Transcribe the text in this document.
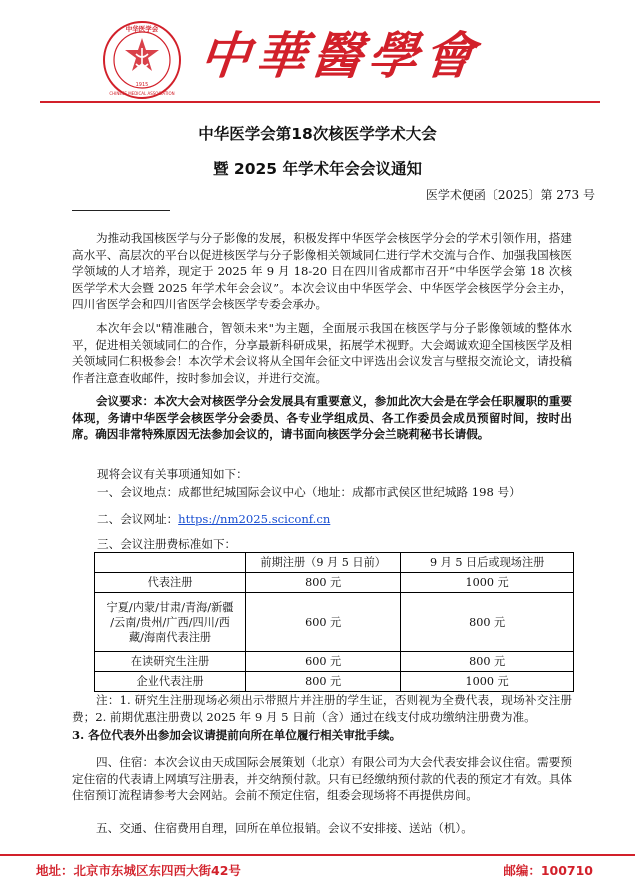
中华医学会
CHINESE MEDICAL ASSOCIATION
1915 中華醫學會
中华医学会第18次核医学学术大会
暨 2025 年学术年会会议通知
医学术便函〔2025〕第 273 号
为推动我国核医学与分子影像的发展，积极发挥中华医学会核医学分会的学术引领作用，搭建高水平、高层次的平台以促进核医学与分子影像相关领域同仁进行学术交流与合作、加强我国核医学领域的人才培养，现定于 2025 年 9 月 18-20 日在四川省成都市召开“中华医学会第 18 次核医学学术大会暨 2025 年学术年会会议”。本次会议由中华医学会、中华医学会核医学分会主办，四川省医学会和四川省医学会核医学专委会承办。
本次年会以"精准融合，智领未来"为主题，全面展示我国在核医学与分子影像领域的整体水平，促进相关领域同仁的合作，分享最新科研成果，拓展学术视野。大会竭诚欢迎全国核医学及相关领域同仁积极参会！本次学术会议将从全国年会征文中评选出会议发言与壁报交流论文，请投稿作者注意查收邮件，按时参加会议，并进行交流。
会议要求：本次大会对核医学分会发展具有重要意义，参加此次大会是在学会任职履职的重要体现，务请中华医学会核医学分会委员、各专业学组成员、各工作委员会成员预留时间，按时出席。确因非常特殊原因无法参加会议的，请书面向核医学分会兰晓莉秘书长请假。
现将会议有关事项通知如下：
一、会议地点：成都世纪城国际会议中心（地址：成都市武侯区世纪城路 198 号）
二、会议网址：https://nm2025.sciconf.cn
三、会议注册费标准如下：
	前期注册（9 月 5 日前）	9 月 5 日后或现场注册
代表注册	800 元	1000 元

宁夏/内蒙/甘肃/青海/新疆
/云南/贵州/广西/四川/西
藏/海南代表注册	600 元	800 元
在读研究生注册	600 元	800 元
企业代表注册	800 元	1000 元
注：1. 研究生注册现场必须出示带照片并注册的学生证，否则视为全费代表，现场补交注册费；2. 前期优惠注册费以 2025 年 9 月 5 日前（含）通过在线支付成功缴纳注册费为准。
3. 各位代表外出参加会议请提前向所在单位履行相关审批手续。
四、住宿：本次会议由天成国际会展策划（北京）有限公司为大会代表安排会议住宿。需要预定住宿的代表请上网填写注册表，并交纳预付款。只有已经缴纳预付款的代表的预定才有效。具体住宿预订流程请参考大会网站。会前不预定住宿，组委会现场将不再提供房间。
五、交通、住宿费用自理，回所在单位报销。会议不安排接、送站（机）。
地址：北京市东城区东四西大街42号	邮编：100710
